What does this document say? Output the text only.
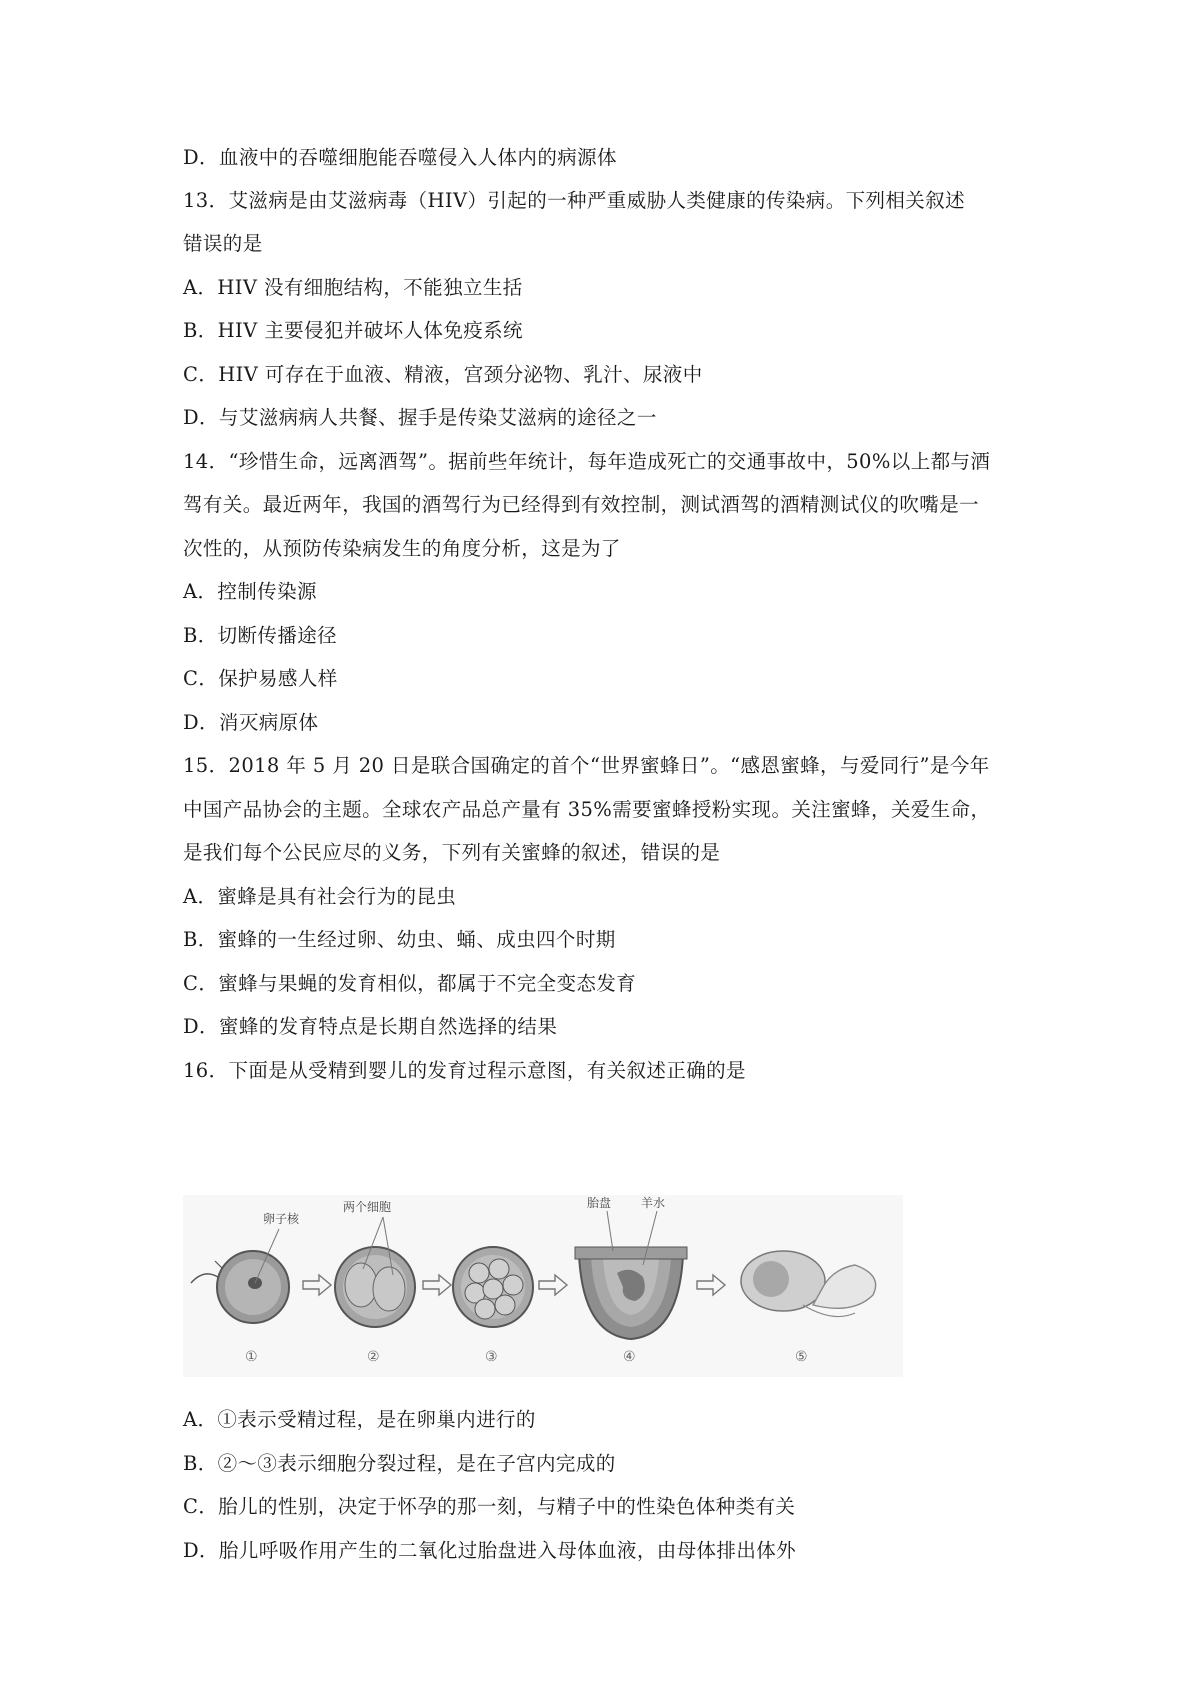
D．血液中的吞噬细胞能吞噬侵入人体内的病源体
13．艾滋病是由艾滋病毒（HIV）引起的一种严重威胁人类健康的传染病。下列相关叙述
错误的是
A．HIV 没有细胞结构，不能独立生括
B．HIV 主要侵犯并破坏人体免疫系统
C．HIV 可存在于血液、精液，宫颈分泌物、乳汁、尿液中
D．与艾滋病病人共餐、握手是传染艾滋病的途径之一
14．“珍惜生命，远离酒驾”。据前些年统计，每年造成死亡的交通事故中，50%以上都与酒
驾有关。最近两年，我国的酒驾行为已经得到有效控制，测试酒驾的酒精测试仪的吹嘴是一
次性的，从预防传染病发生的角度分析，这是为了
A．控制传染源
B．切断传播途径
C．保护易感人样
D．消灭病原体
15．2018 年 5 月 20 日是联合国确定的首个“世界蜜蜂日”。“感恩蜜蜂，与爱同行”是今年
中国产品协会的主题。全球农产品总产量有 35%需要蜜蜂授粉实现。关注蜜蜂，关爱生命，
是我们每个公民应尽的义务，下列有关蜜蜂的叙述，错误的是
A．蜜蜂是具有社会行为的昆虫
B．蜜蜂的一生经过卵、幼虫、蛹、成虫四个时期
C．蜜蜂与果蝇的发育相似，都属于不完全变态发育
D．蜜蜂的发育特点是长期自然选择的结果
16．下面是从受精到婴儿的发育过程示意图，有关叙述正确的是
卵子核
①
两个细胞
②	③
胎盘 羊水
④	⑤
A．①表示受精过程，是在卵巢内进行的
B．②～③表示细胞分裂过程，是在子宫内完成的
C．胎儿的性别，决定于怀孕的那一刻，与精子中的性染色体种类有关
D．胎儿呼吸作用产生的二氧化过胎盘进入母体血液，由母体排出体外
